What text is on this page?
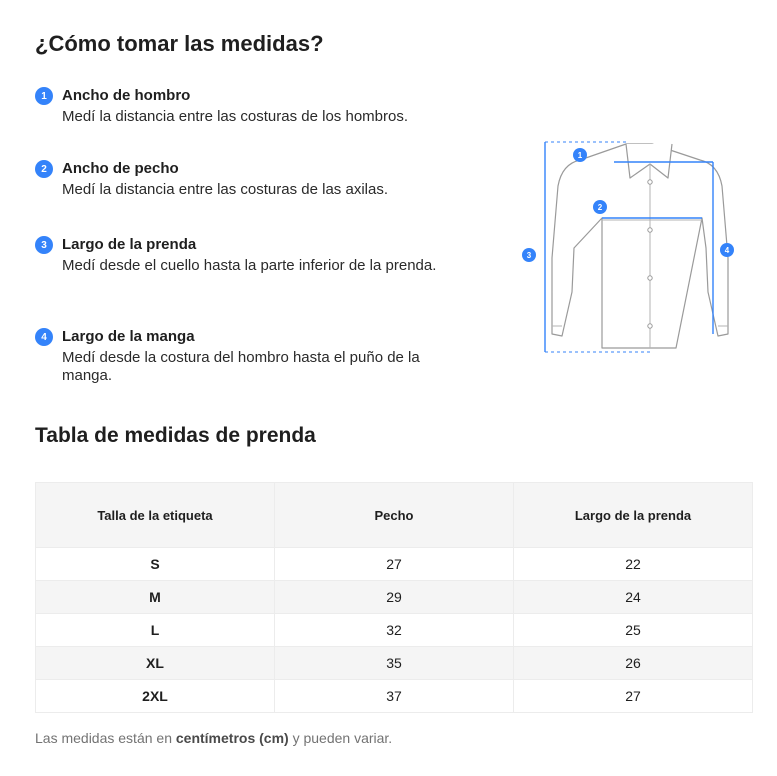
¿Cómo tomar las medidas?
1	Ancho de hombro
Medí la distancia entre las costuras de los hombros.
2	Ancho de pecho
Medí la distancia entre las costuras de las axilas.
3	Largo de la prenda
Medí desde el cuello hasta la parte inferior de la prenda.
4	Largo de la manga
Medí desde la costura del hombro hasta el puño de la manga.
1
2
3
4
Tabla de medidas de prenda
Talla de la etiqueta	Pecho	Largo de la prenda
S	27	22
M	29	24
L	32	25
XL	35	26
2XL	37	27
Las medidas están en centímetros (cm) y pueden variar.
